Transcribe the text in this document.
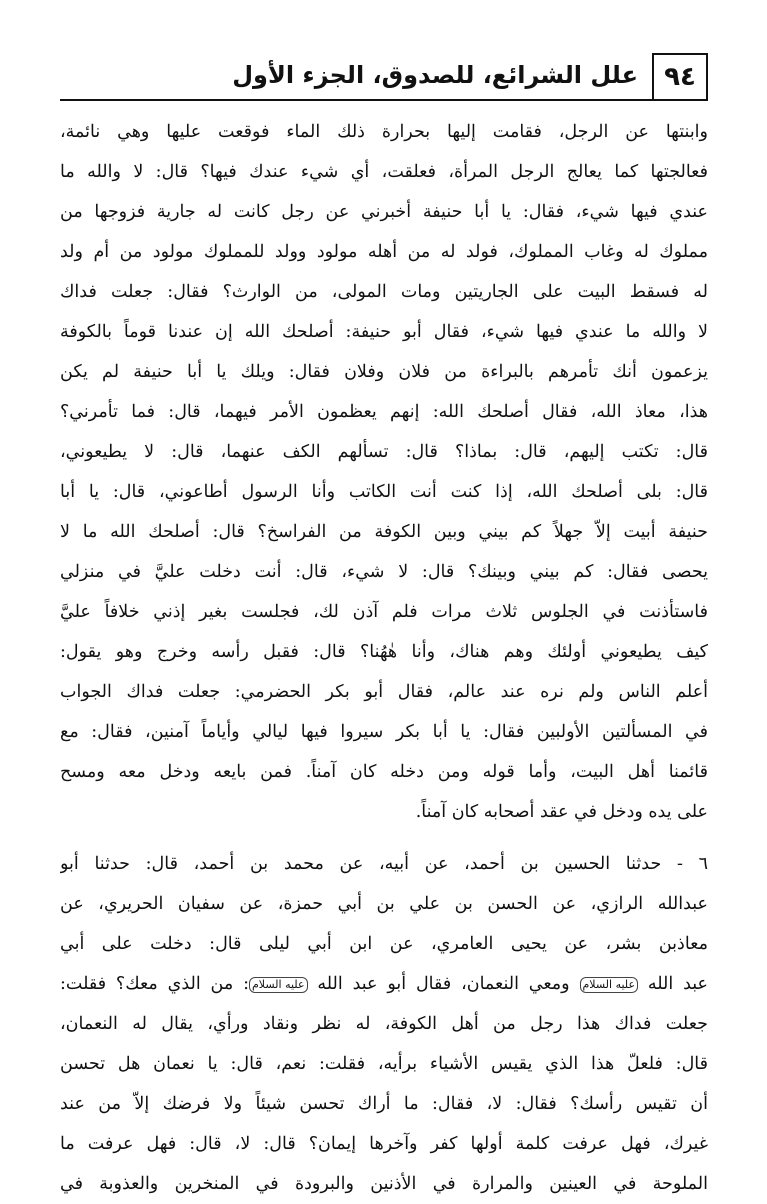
٩٤
علل الشرائع، للصدوق، الجزء الأول
وابنتها عن الرجل، فقامت إليها بحرارة ذلك الماء فوقعت عليها وهي نائمة،
فعالجتها كما يعالج الرجل المرأة، فعلقت، أي شيء عندك فيها؟ قال: لا والله ما
عندي فيها شيء، فقال: يا أبا حنيفة أخبرني عن رجل كانت له جارية فزوجها من
مملوك له وغاب المملوك، فولد له من أهله مولود وولد للمملوك مولود من أم ولد
له فسقط البيت على الجاريتين ومات المولى، من الوارث؟ فقال: جعلت فداك
لا والله ما عندي فيها شيء، فقال أبو حنيفة: أصلحك الله إن عندنا قوماً بالكوفة
يزعمون أنك تأمرهم بالبراءة من فلان وفلان فقال: ويلك يا أبا حنيفة لم يكن
هذا، معاذ الله، فقال أصلحك الله: إنهم يعظمون الأمر فيهما، قال: فما تأمرني؟
قال: تكتب إليهم، قال: بماذا؟ قال: تسألهم الكف عنهما، قال: لا يطيعوني،
قال: بلى أصلحك الله، إذا كنت أنت الكاتب وأنا الرسول أطاعوني، قال: يا أبا
حنيفة أبيت إلاّ جهلاً كم بيني وبين الكوفة من الفراسخ؟ قال: أصلحك الله ما لا
يحصى فقال: كم بيني وبينك؟ قال: لا شيء، قال: أنت دخلت عليَّ في منزلي
فاستأذنت في الجلوس ثلاث مرات فلم آذن لك، فجلست بغير إذني خلافاً عليَّ
كيف يطيعوني أولئك وهم هناك، وأنا هٰهُنا؟ قال: فقبل رأسه وخرج وهو يقول:
أعلم الناس ولم نره عند عالم، فقال أبو بكر الحضرمي: جعلت فداك الجواب
في المسألتين الأولبين فقال: يا أبا بكر سيروا فيها ليالي وأياماً آمنين، فقال: مع
قائمنا أهل البيت، وأما قوله ومن دخله كان آمناً. فمن بايعه ودخل معه ومسح
على يده ودخل في عقد أصحابه كان آمناً.
٦ - حدثنا الحسين بن أحمد، عن أبيه، عن محمد بن أحمد، قال: حدثنا أبو
عبدالله الرازي، عن الحسن بن علي بن أبي حمزة، عن سفيان الحريري، عن
معاذبن بشر، عن يحيى العامري، عن ابن أبي ليلى قال: دخلت على أبي
عبد الله عليه السلام ومعي النعمان، فقال أبو عبد الله عليه السلام: من الذي معك؟ فقلت:
جعلت فداك هذا رجل من أهل الكوفة، له نظر ونقاد ورأي، يقال له النعمان،
قال: فلعلّ هذا الذي يقيس الأشياء برأيه، فقلت: نعم، قال: يا نعمان هل تحسن
أن تقيس رأسك؟ فقال: لا، فقال: ما أراك تحسن شيئاً ولا فرضك إلاّ من عند
غيرك، فهل عرفت كلمة أولها كفر وآخرها إيمان؟ قال: لا، قال: فهل عرفت ما
الملوحة في العينين والمرارة في الأذنين والبرودة في المنخرين والعذوبة في
